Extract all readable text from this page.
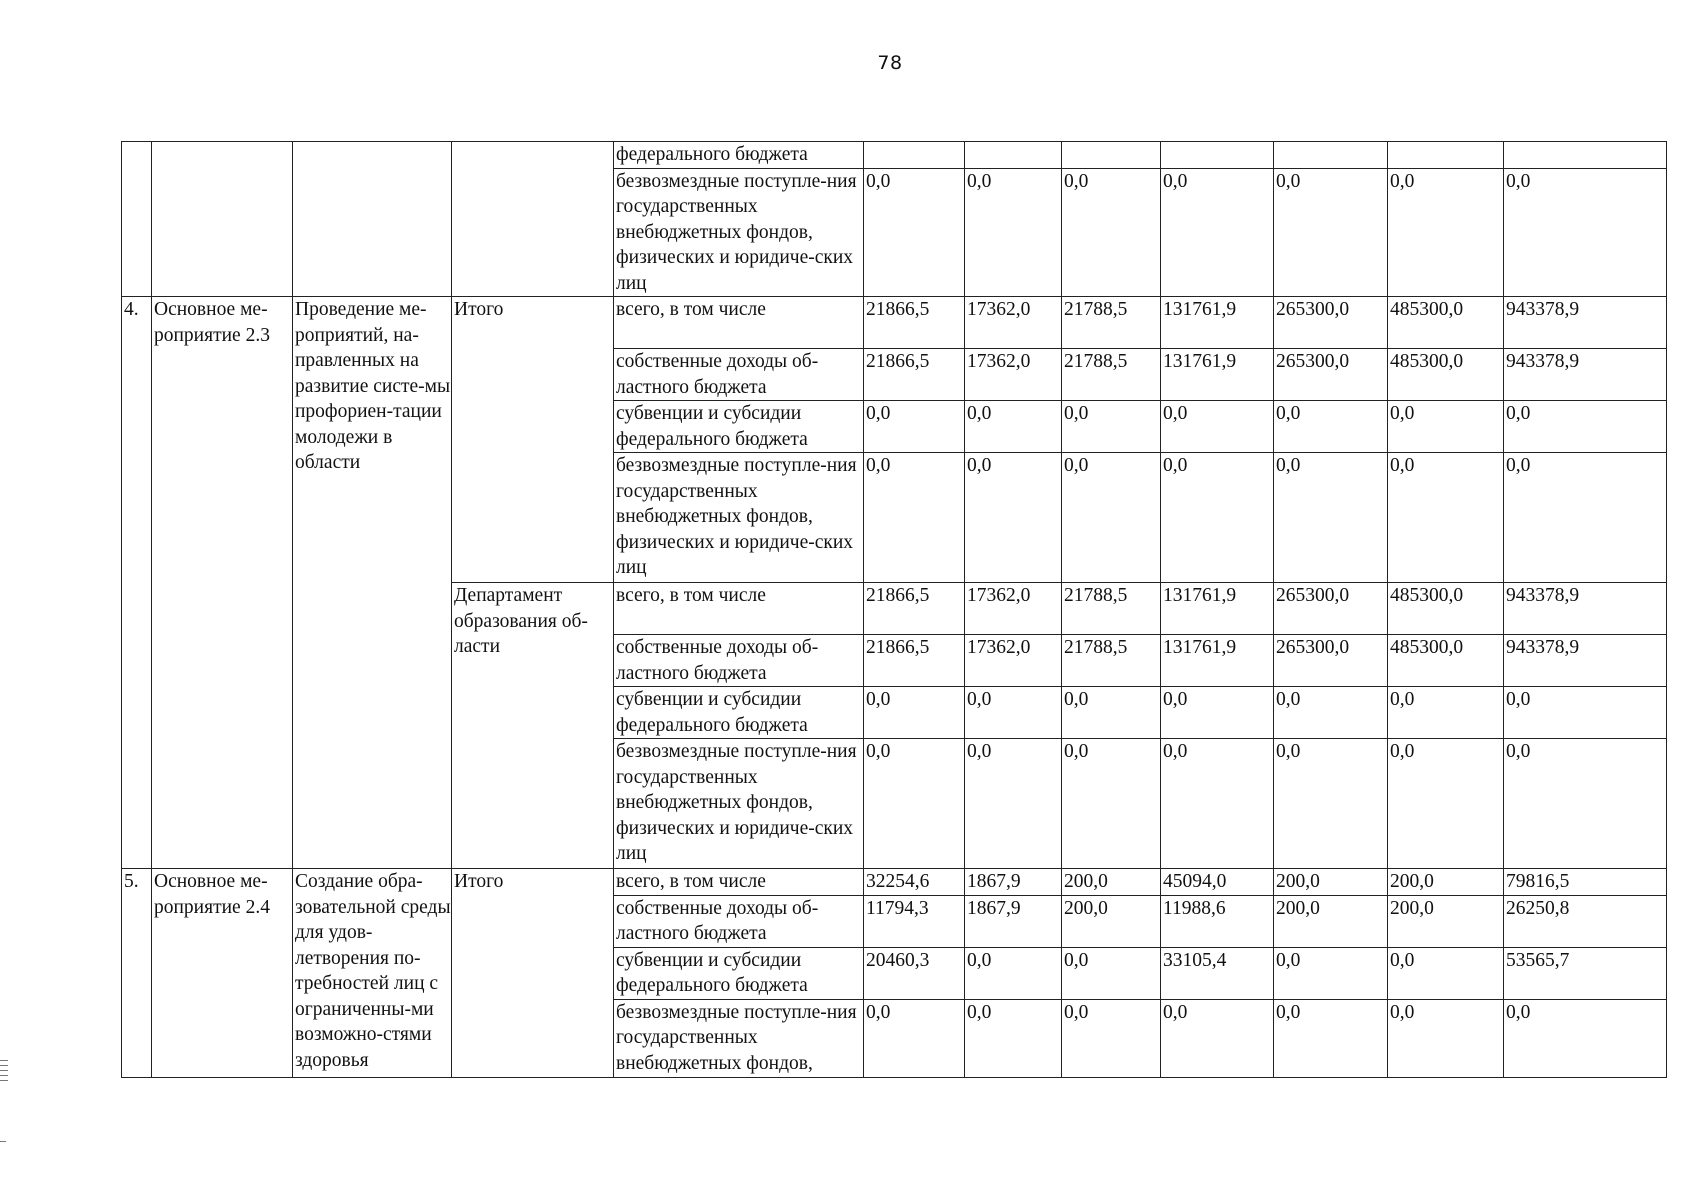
78
				федерального бюджета							
				безвозмездные поступле-ния государственных внебюджетных фондов, физических и юридиче-ских лиц	0,0	0,0	0,0	0,0	0,0	0,0	0,0
4.	Основное ме-роприятие 2.3	Проведение ме-роприятий, на-правленных на развитие систе-мы профориен-тации молодежи в области	Итого	всего, в том числе	21866,5	17362,0	21788,5	131761,9	265300,0	485300,0	943378,9
				собственные доходы об-ластного бюджета	21866,5	17362,0	21788,5	131761,9	265300,0	485300,0	943378,9
				субвенции и субсидии федерального бюджета	0,0	0,0	0,0	0,0	0,0	0,0	0,0
				безвозмездные поступле-ния государственных внебюджетных фондов, физических и юридиче-ских лиц	0,0	0,0	0,0	0,0	0,0	0,0	0,0
			Департамент образования об-ласти	всего, в том числе	21866,5	17362,0	21788,5	131761,9	265300,0	485300,0	943378,9
				собственные доходы об-ластного бюджета	21866,5	17362,0	21788,5	131761,9	265300,0	485300,0	943378,9
				субвенции и субсидии федерального бюджета	0,0	0,0	0,0	0,0	0,0	0,0	0,0
				безвозмездные поступле-ния государственных внебюджетных фондов, физических и юридиче-ских лиц	0,0	0,0	0,0	0,0	0,0	0,0	0,0
5.	Основное ме-роприятие 2.4	Создание обра-зовательной среды для удов-летворения по-требностей лиц с ограниченны-ми возможно-стями здоровья	Итого	всего, в том числе	32254,6	1867,9	200,0	45094,0	200,0	200,0	79816,5
				собственные доходы об-ластного бюджета	11794,3	1867,9	200,0	11988,6	200,0	200,0	26250,8
				субвенции и субсидии федерального бюджета	20460,3	0,0	0,0	33105,4	0,0	0,0	53565,7
				безвозмездные поступле-ния государственных внебюджетных фондов,	0,0	0,0	0,0	0,0	0,0	0,0	0,0
